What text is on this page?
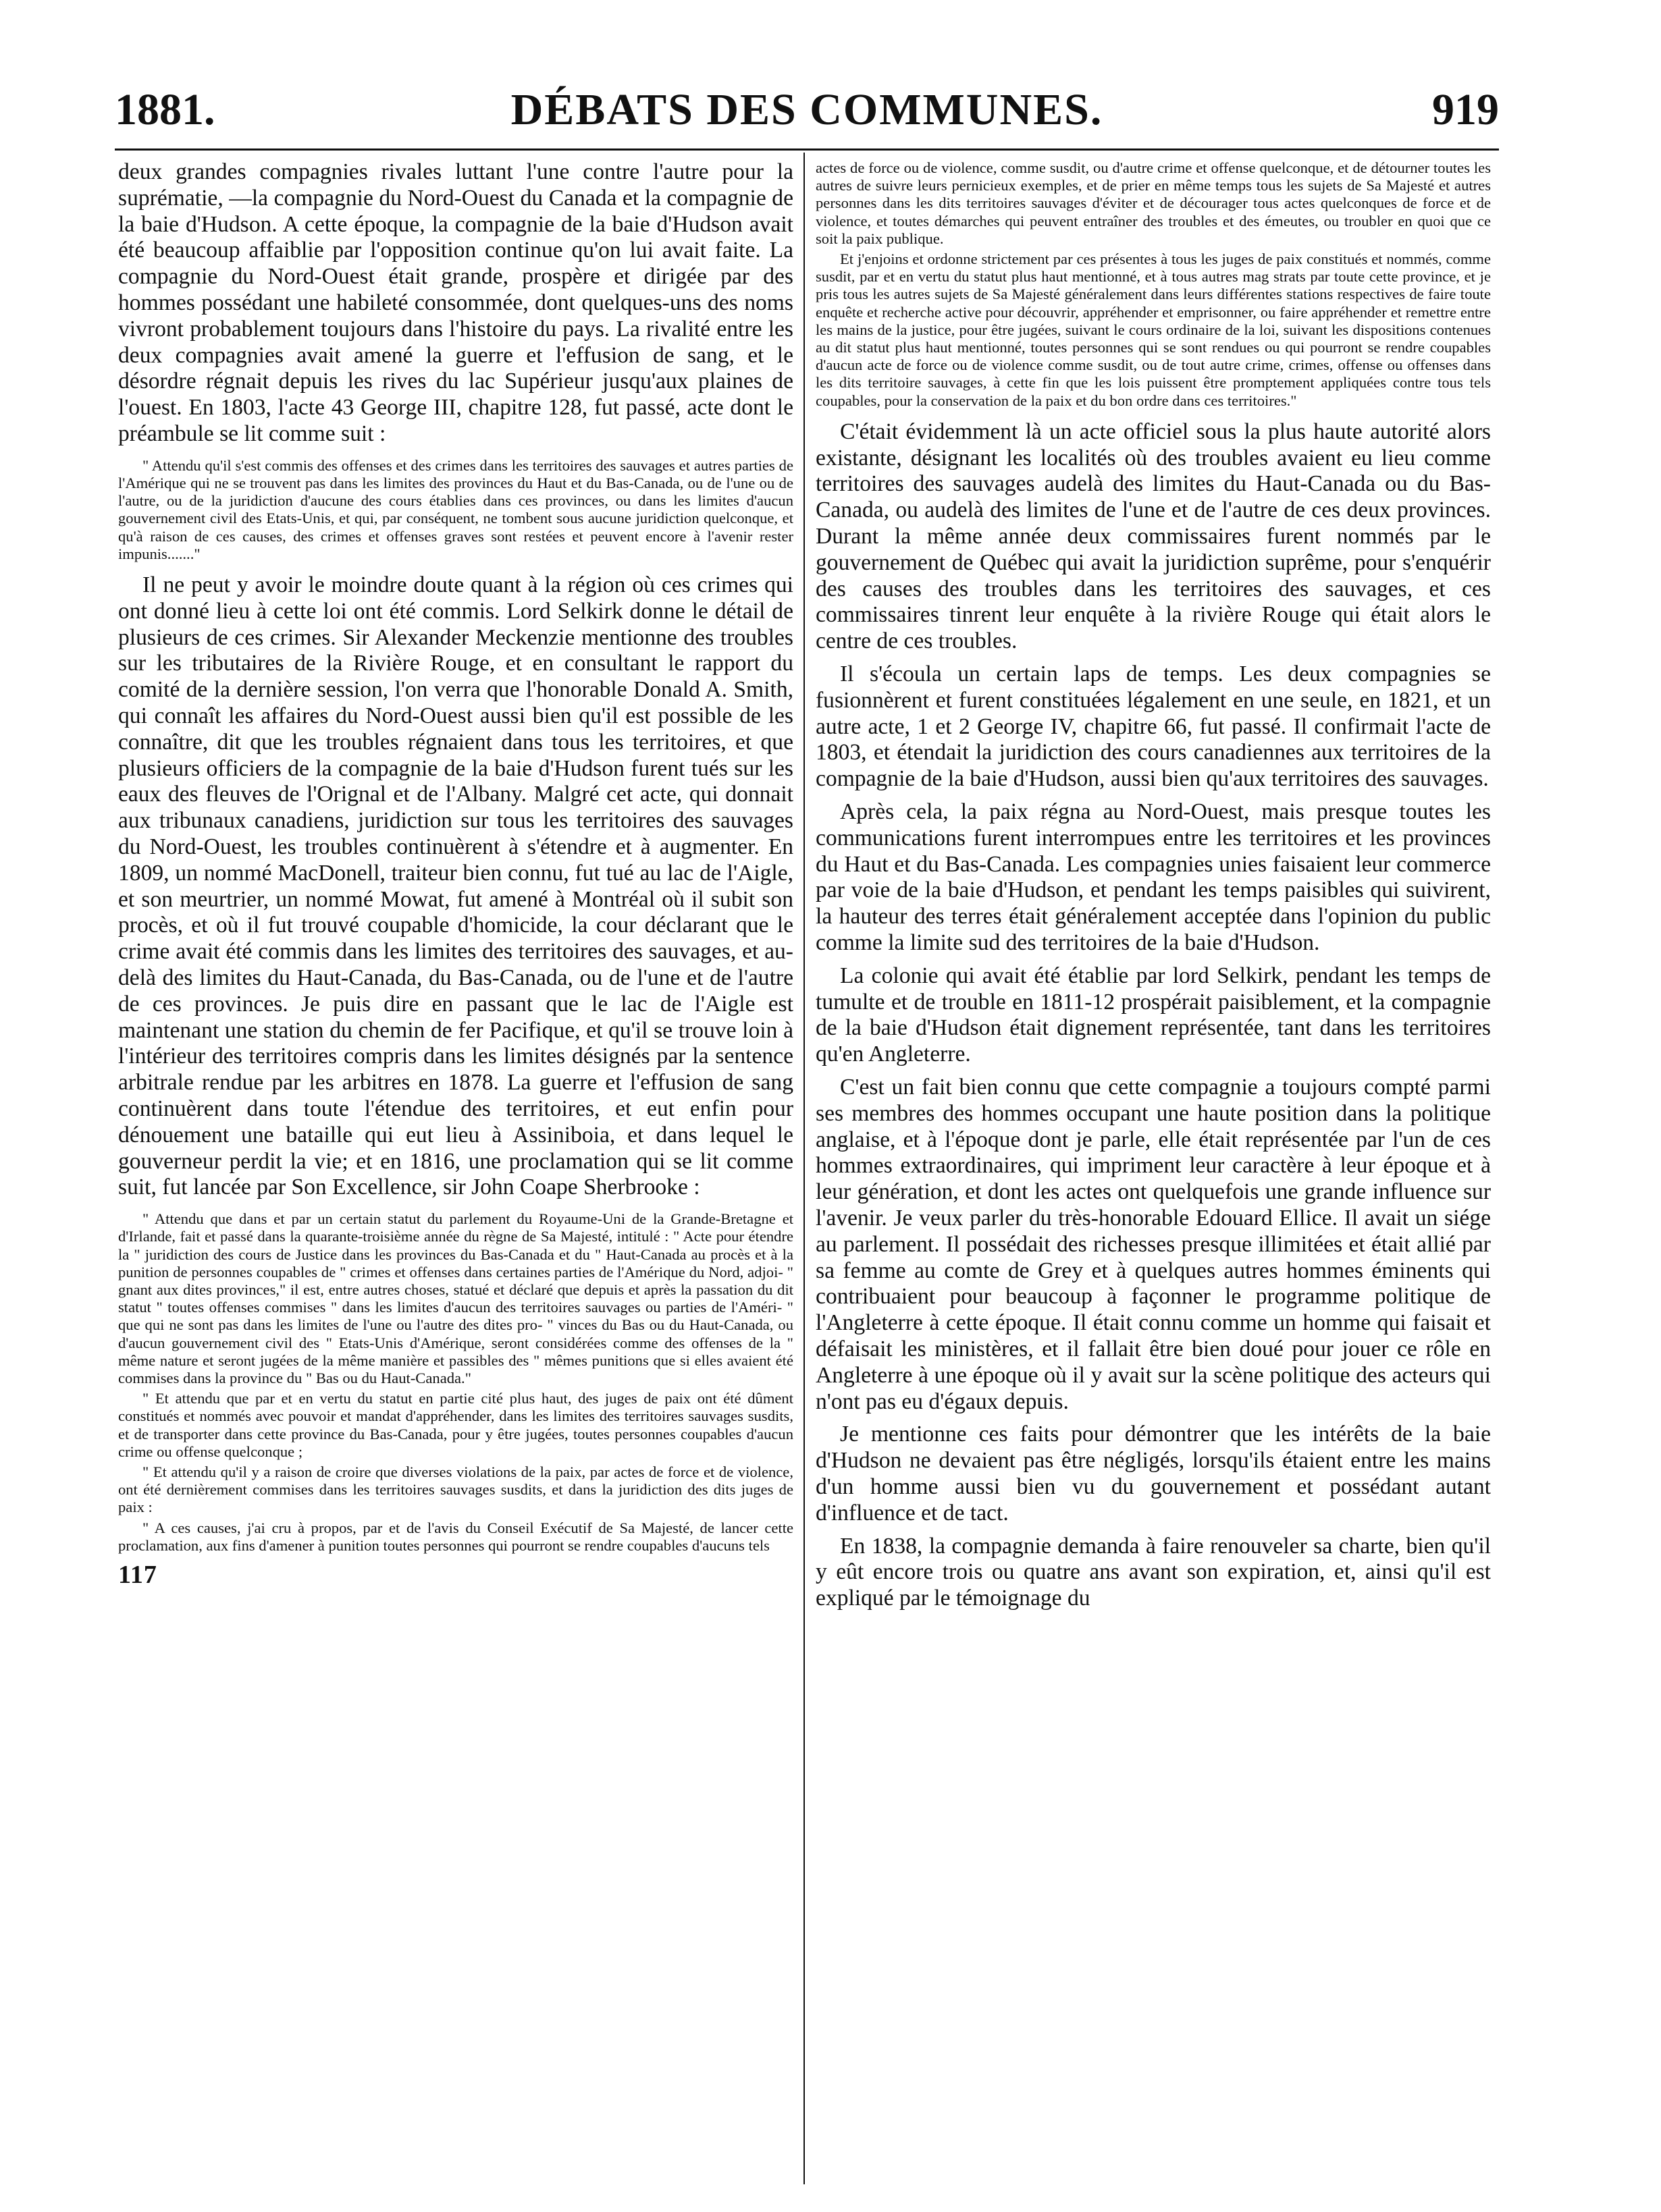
1881.	DÉBATS DES COMMUNES.	919

deux grandes compagnies rivales luttant l'une contre l'autre pour la suprématie, —la compagnie du Nord-Ouest du Canada et la compagnie de la baie d'Hudson. A cette époque, la compagnie de la baie d'Hudson avait été beaucoup affaiblie par l'opposition continue qu'on lui avait faite. La compagnie du Nord-Ouest était grande, prospère et dirigée par des hommes possédant une habileté consommée, dont quelques-uns des noms vivront probablement toujours dans l'histoire du pays. La rivalité entre les deux compagnies avait amené la guerre et l'effusion de sang, et le désordre régnait depuis les rives du lac Supérieur jusqu'aux plaines de l'ouest. En 1803, l'acte 43 George III, chapitre 128, fut passé, acte dont le préambule se lit comme suit :

" Attendu qu'il s'est commis des offenses et des crimes dans les territoires des sauvages et autres parties de l'Amérique qui ne se trouvent pas dans les limites des provinces du Haut et du Bas-Canada, ou de l'une ou de l'autre, ou de la juridiction d'aucune des cours établies dans ces provinces, ou dans les limites d'aucun gouvernement civil des Etats-Unis, et qui, par conséquent, ne tombent sous aucune juridiction quelconque, et qu'à raison de ces causes, des crimes et offenses graves sont restées et peuvent encore à l'avenir rester impunis......."

Il ne peut y avoir le moindre doute quant à la région où ces crimes qui ont donné lieu à cette loi ont été commis. Lord Selkirk donne le détail de plusieurs de ces crimes. Sir Alexander Meckenzie mentionne des troubles sur les tributaires de la Rivière Rouge, et en consultant le rapport du comité de la dernière session, l'on verra que l'honorable Donald A. Smith, qui connaît les affaires du Nord-Ouest aussi bien qu'il est possible de les connaître, dit que les troubles régnaient dans tous les territoires, et que plusieurs officiers de la compagnie de la baie d'Hudson furent tués sur les eaux des fleuves de l'Orignal et de l'Albany. Malgré cet acte, qui donnait aux tribunaux canadiens, juridiction sur tous les territoires des sauvages du Nord-Ouest, les troubles continuèrent à s'étendre et à augmenter. En 1809, un nommé MacDonell, traiteur bien connu, fut tué au lac de l'Aigle, et son meurtrier, un nommé Mowat, fut amené à Montréal où il subit son procès, et où il fut trouvé coupable d'homicide, la cour déclarant que le crime avait été commis dans les limites des territoires des sauvages, et au-delà des limites du Haut-Canada, du Bas-Canada, ou de l'une et de l'autre de ces provinces. Je puis dire en passant que le lac de l'Aigle est maintenant une station du chemin de fer Pacifique, et qu'il se trouve loin à l'intérieur des territoires compris dans les limites désignés par la sentence arbitrale rendue par les arbitres en 1878. La guerre et l'effusion de sang continuèrent dans toute l'étendue des territoires, et eut enfin pour dénouement une bataille qui eut lieu à Assiniboia, et dans lequel le gouverneur perdit la vie; et en 1816, une proclamation qui se lit comme suit, fut lancée par Son Excellence, sir John Coape Sherbrooke :

" Attendu que dans et par un certain statut du parlement du Royaume-Uni de la Grande-Bretagne et d'Irlande, fait et passé dans la quarante-troisième année du règne de Sa Majesté, intitulé : " Acte pour étendre la " juridiction des cours de Justice dans les provinces du Bas-Canada et du " Haut-Canada au procès et à la punition de personnes coupables de " crimes et offenses dans certaines parties de l'Amérique du Nord, adjoi- " gnant aux dites provinces," il est, entre autres choses, statué et déclaré que depuis et après la passation du dit statut " toutes offenses commises " dans les limites d'aucun des territoires sauvages ou parties de l'Améri- " que qui ne sont pas dans les limites de l'une ou l'autre des dites pro- " vinces du Bas ou du Haut-Canada, ou d'aucun gouvernement civil des " Etats-Unis d'Amérique, seront considérées comme des offenses de la " même nature et seront jugées de la même manière et passibles des " mêmes punitions que si elles avaient été commises dans la province du " Bas ou du Haut-Canada."

" Et attendu que par et en vertu du statut en partie cité plus haut, des juges de paix ont été dûment constitués et nommés avec pouvoir et mandat d'appréhender, dans les limites des territoires sauvages susdits, et de transporter dans cette province du Bas-Canada, pour y être jugées, toutes personnes coupables d'aucun crime ou offense quelconque ;

" Et attendu qu'il y a raison de croire que diverses violations de la paix, par actes de force et de violence, ont été dernièrement commises dans les territoires sauvages susdits, et dans la juridiction des dits juges de paix :

" A ces causes, j'ai cru à propos, par et de l'avis du Conseil Exécutif de Sa Majesté, de lancer cette proclamation, aux fins d'amener à punition toutes personnes qui pourront se rendre coupables d'aucuns tels

117

actes de force ou de violence, comme susdit, ou d'autre crime et offense quelconque, et de détourner toutes les autres de suivre leurs pernicieux exemples, et de prier en même temps tous les sujets de Sa Majesté et autres personnes dans les dits territoires sauvages d'éviter et de décourager tous actes quelconques de force et de violence, et toutes démarches qui peuvent entraîner des troubles et des émeutes, ou troubler en quoi que ce soit la paix publique.

Et j'enjoins et ordonne strictement par ces présentes à tous les juges de paix constitués et nommés, comme susdit, par et en vertu du statut plus haut mentionné, et à tous autres mag strats par toute cette province, et je pris tous les autres sujets de Sa Majesté généralement dans leurs différentes stations respectives de faire toute enquête et recherche active pour découvrir, appréhender et emprisonner, ou faire appréhender et remettre entre les mains de la justice, pour être jugées, suivant le cours ordinaire de la loi, suivant les dispositions contenues au dit statut plus haut mentionné, toutes personnes qui se sont rendues ou qui pourront se rendre coupables d'aucun acte de force ou de violence comme susdit, ou de tout autre crime, crimes, offense ou offenses dans les dits territoire sauvages, à cette fin que les lois puissent être promptement appliquées contre tous tels coupables, pour la conservation de la paix et du bon ordre dans ces territoires."

C'était évidemment là un acte officiel sous la plus haute autorité alors existante, désignant les localités où des troubles avaient eu lieu comme territoires des sauvages audelà des limites du Haut-Canada ou du Bas-Canada, ou audelà des limites de l'une et de l'autre de ces deux provinces. Durant la même année deux commissaires furent nommés par le gouvernement de Québec qui avait la juridiction suprême, pour s'enquérir des causes des troubles dans les territoires des sauvages, et ces commissaires tinrent leur enquête à la rivière Rouge qui était alors le centre de ces troubles.

Il s'écoula un certain laps de temps. Les deux compagnies se fusionnèrent et furent constituées légalement en une seule, en 1821, et un autre acte, 1 et 2 George IV, chapitre 66, fut passé. Il confirmait l'acte de 1803, et étendait la juridiction des cours canadiennes aux territoires de la compagnie de la baie d'Hudson, aussi bien qu'aux territoires des sauvages.

Après cela, la paix régna au Nord-Ouest, mais presque toutes les communications furent interrompues entre les territoires et les provinces du Haut et du Bas-Canada. Les compagnies unies faisaient leur commerce par voie de la baie d'Hudson, et pendant les temps paisibles qui suivirent, la hauteur des terres était généralement acceptée dans l'opinion du public comme la limite sud des territoires de la baie d'Hudson.

La colonie qui avait été établie par lord Selkirk, pendant les temps de tumulte et de trouble en 1811-12 prospérait paisiblement, et la compagnie de la baie d'Hudson était dignement représentée, tant dans les territoires qu'en Angleterre.

C'est un fait bien connu que cette compagnie a toujours compté parmi ses membres des hommes occupant une haute position dans la politique anglaise, et à l'époque dont je parle, elle était représentée par l'un de ces hommes extraordinaires, qui impriment leur caractère à leur époque et à leur génération, et dont les actes ont quelquefois une grande influence sur l'avenir. Je veux parler du très-honorable Edouard Ellice. Il avait un siége au parlement. Il possédait des richesses presque illimitées et était allié par sa femme au comte de Grey et à quelques autres hommes éminents qui contribuaient pour beaucoup à façonner le programme politique de l'Angleterre à cette époque. Il était connu comme un homme qui faisait et défaisait les ministères, et il fallait être bien doué pour jouer ce rôle en Angleterre à une époque où il y avait sur la scène politique des acteurs qui n'ont pas eu d'égaux depuis.

Je mentionne ces faits pour démontrer que les intérêts de la baie d'Hudson ne devaient pas être négligés, lorsqu'ils étaient entre les mains d'un homme aussi bien vu du gouvernement et possédant autant d'influence et de tact.

En 1838, la compagnie demanda à faire renouveler sa charte, bien qu'il y eût encore trois ou quatre ans avant son expiration, et, ainsi qu'il est expliqué par le témoignage du
